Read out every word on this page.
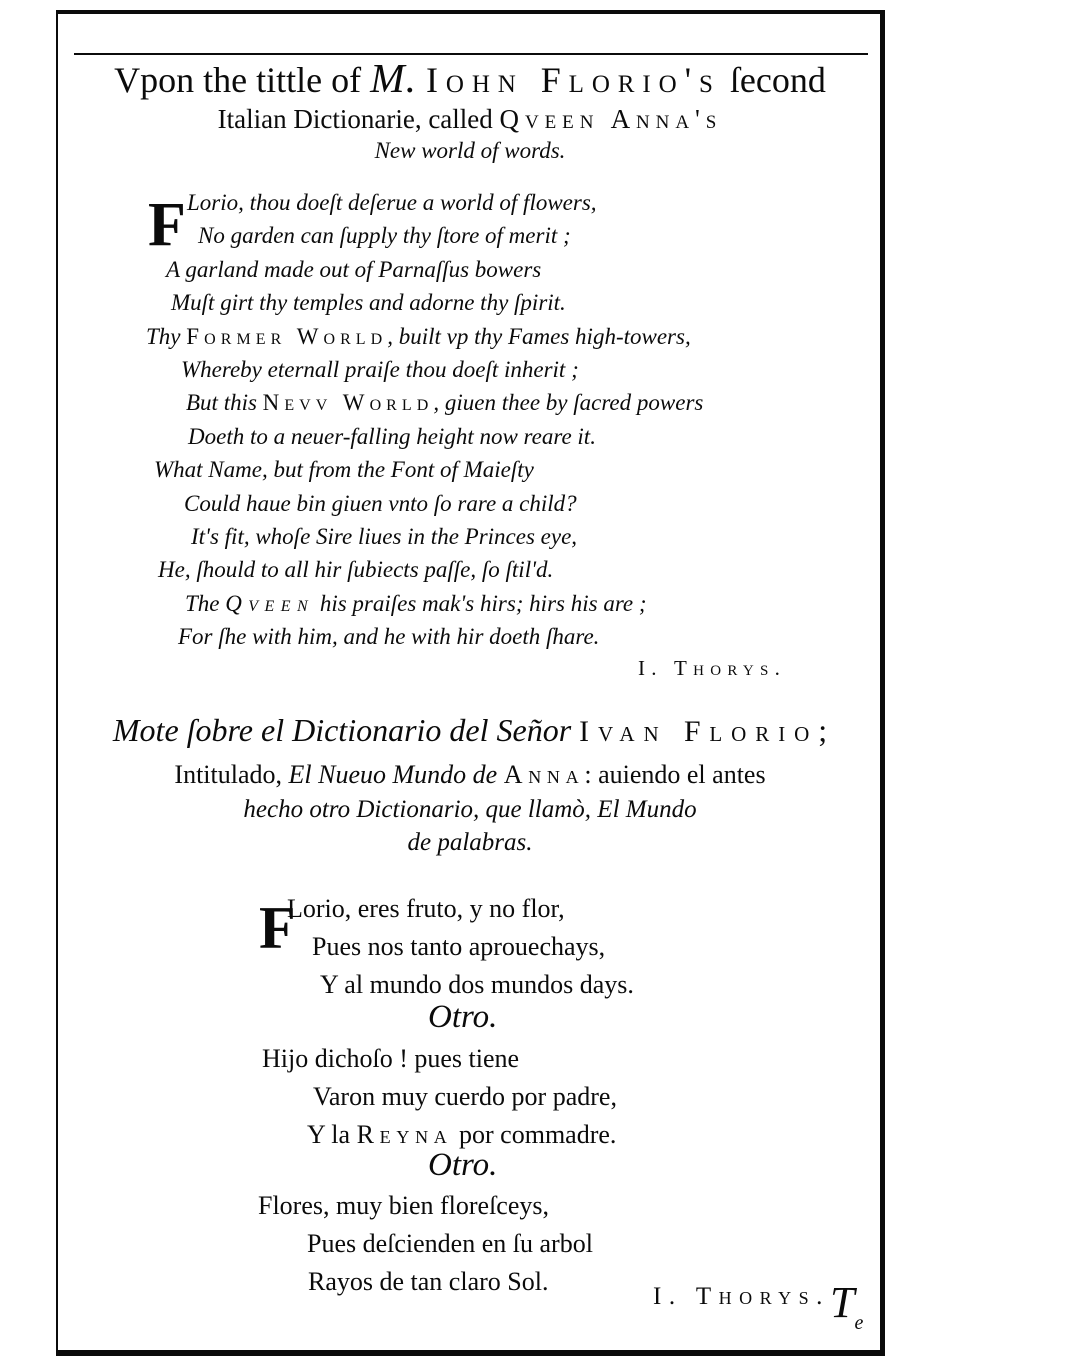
Vpon the tittle of M. Iohn Florio's ſecond
Italian Dictionarie, called Qveen Anna's
New world of words.
F Lorio, thou doeſt deſerue a world of flowers,
No garden can ſupply thy ſtore of merit ;
A garland made out of Parnaſſus bowers
Muſt girt thy temples and adorne thy ſpirit.
Thy Former World, built vp thy Fames high-towers,
Whereby eternall praiſe thou doeſt inherit ;
But this Nevv World, giuen thee by ſacred powers
Doeth to a neuer-falling height now reare it.
What Name, but from the Font of Maieſty
Could haue bin giuen vnto ſo rare a child?
It's fit, whoſe Sire liues in the Princes eye,
He, ſhould to all hir ſubiects paſſe, ſo ſtil'd.
The Qveen his praiſes mak's hirs; hirs his are ;
For ſhe with him, and he with hir doeth ſhare.
I. Thorys.
Mote ſobre el Dictionario del Señor Ivan Florio;
Intitulado, El Nueuo Mundo de Anna: auiendo el antes
hecho otro Dictionario, que llamò, El Mundo
de palabras.
F
Lorio, eres fruto, y no flor,
Pues nos tanto aprouechays,
Y al mundo dos mundos days.
Otro.
Hijo dichoſo ! pues tiene
Varon muy cuerdo por padre,
Y la Reyna por commadre.
Otro.
Flores, muy bien floreſceys,
Pues deſcienden en ſu arbol
Rayos de tan claro Sol.
I. Thorys. Te
